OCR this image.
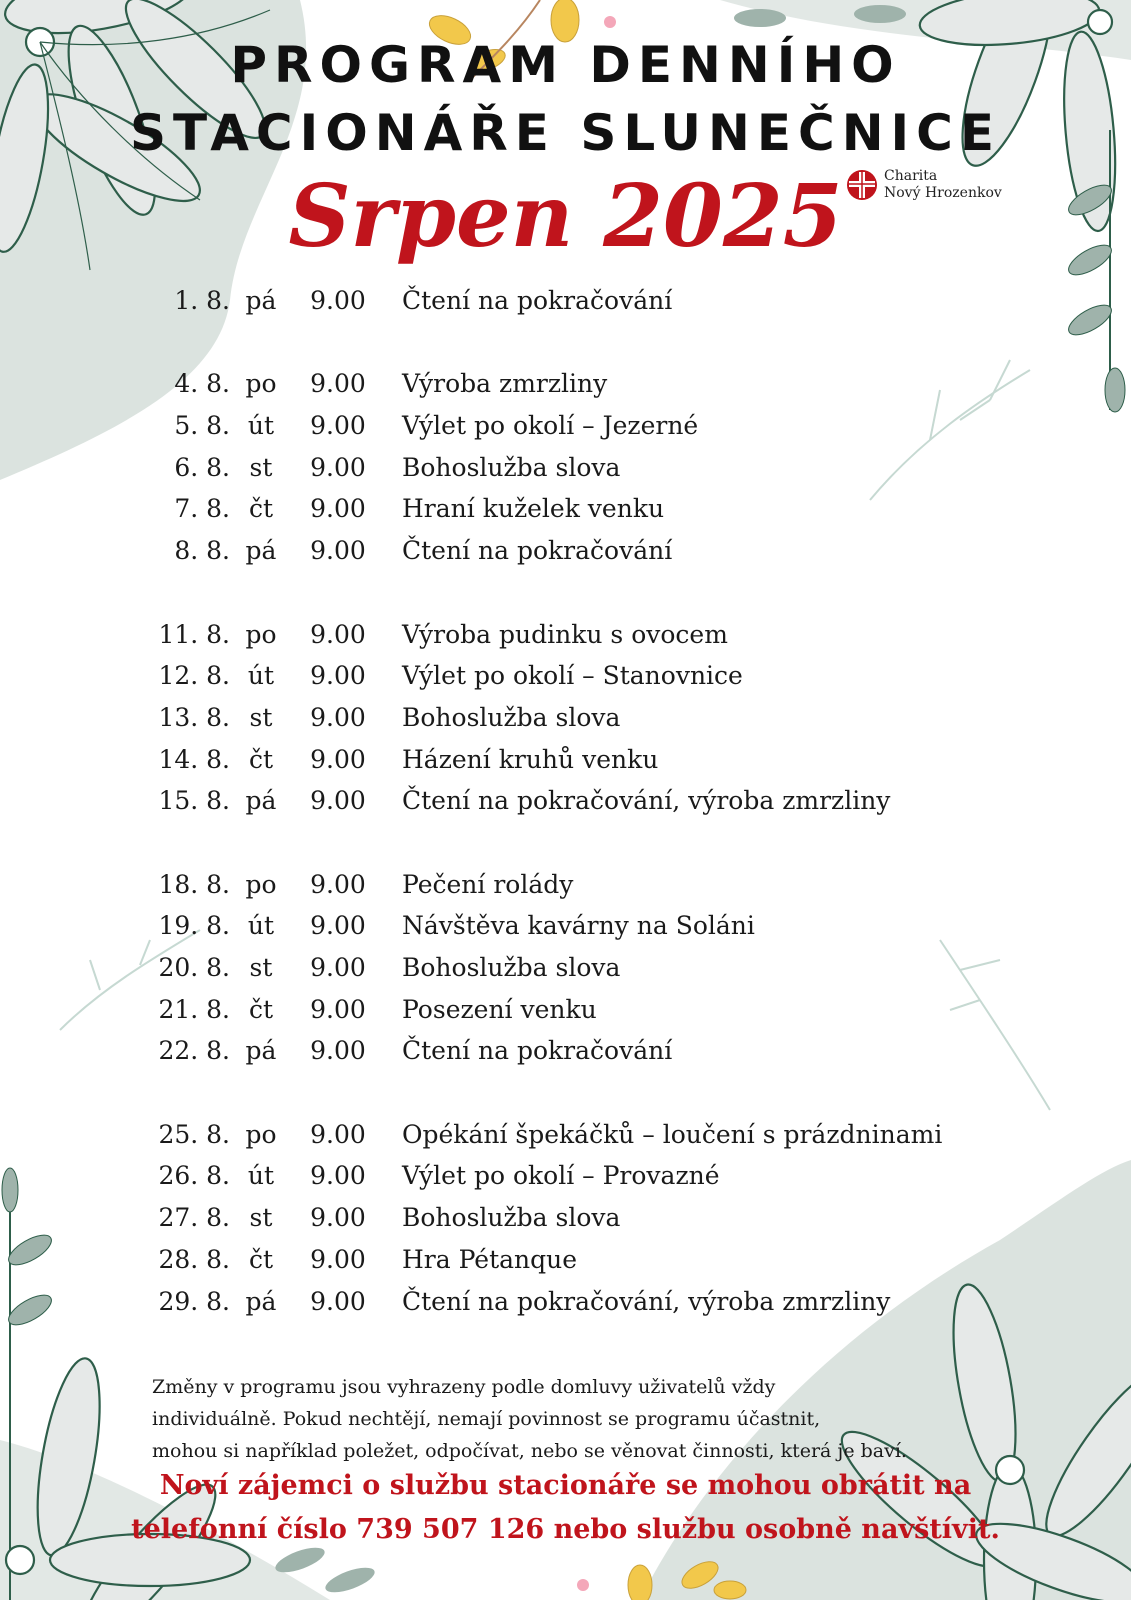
PROGRAM DENNÍHO
STACIONÁŘE SLUNEČNICE
Srpen 2025	Charita
Nový Hrozenkov
1. 8. pá	9.00	Čtení na pokračování
4. 8. po	9.00	Výroba zmrzliny
5. 8. út	9.00	Výlet po okolí – Jezerné
6. 8. st	9.00	Bohoslužba slova
7. 8. čt	9.00	Hraní kuželek venku
8. 8. pá	9.00	Čtení na pokračování
11. 8. po	9.00	Výroba pudinku s ovocem
12. 8. út	9.00	Výlet po okolí – Stanovnice
13. 8. st	9.00	Bohoslužba slova
14. 8. čt	9.00	Házení kruhů venku
15. 8. pá	9.00	Čtení na pokračování, výroba zmrzliny
18. 8. po	9.00	Pečení rolády
19. 8. út	9.00	Návštěva kavárny na Soláni
20. 8. st	9.00	Bohoslužba slova
21. 8. čt	9.00	Posezení venku
22. 8. pá	9.00	Čtení na pokračování
25. 8. po	9.00	Opékání špekáčků – loučení s prázdninami
26. 8. út	9.00	Výlet po okolí – Provazné
27. 8. st	9.00	Bohoslužba slova
28. 8. čt	9.00	Hra Pétanque
29. 8. pá	9.00	Čtení na pokračování, výroba zmrzliny
Změny v programu jsou vyhrazeny podle domluvy uživatelů vždy
individuálně. Pokud nechtějí, nemají povinnost se programu účastnit,
mohou si například poležet, odpočívat, nebo se věnovat činnosti, která je baví.
Noví zájemci o službu stacionáře se mohou obrátit na
telefonní číslo 739 507 126 nebo službu osobně navštívit.
